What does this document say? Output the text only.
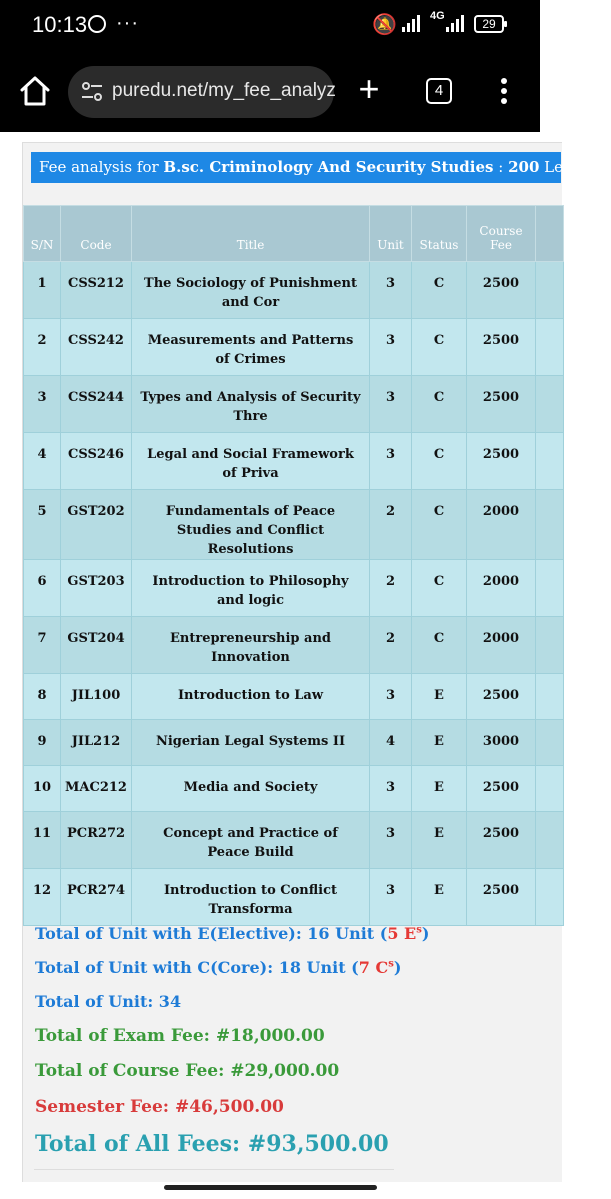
10:13 ···	🔕	4G
29
puredu.net/my_fee_analyz +	4
Fee analysis for B.sc. Criminology And Security Studies : 200 Level ( S
S/N	Code	Title	Unit	Status	Course
Fee	
1	CSS212	The Sociology of Punishment and Cor	3	C	2500	
2	CSS242	Measurements and Patterns of Crimes	3	C	2500	
3	CSS244	Types and Analysis of Security Thre	3	C	2500	
4	CSS246	Legal and Social Framework of Priva	3	C	2500	
5	GST202	Fundamentals of Peace Studies and Conflict Resolutions	2	C	2000	
6	GST203	Introduction to Philosophy and logic	2	C	2000	
7	GST204	Entrepreneurship and Innovation	2	C	2000	
8	JIL100	Introduction to Law	3	E	2500	
9	JIL212	Nigerian Legal Systems II	4	E	3000	
10	MAC212	Media and Society	3	E	2500	
11	PCR272	Concept and Practice of Peace Build	3	E	2500	
12	PCR274	Introduction to Conflict Transforma	3	E	2500	
Total of Unit with E(Elective): 16 Unit (5 $E^s$)
Total of Unit with C(Core): 18 Unit (7 $C^s$)
Total of Unit: 34
Total of Exam Fee: #18,000.00
Total of Course Fee: #29,000.00
Semester Fee: #46,500.00
Total of All Fees: #93,500.00
